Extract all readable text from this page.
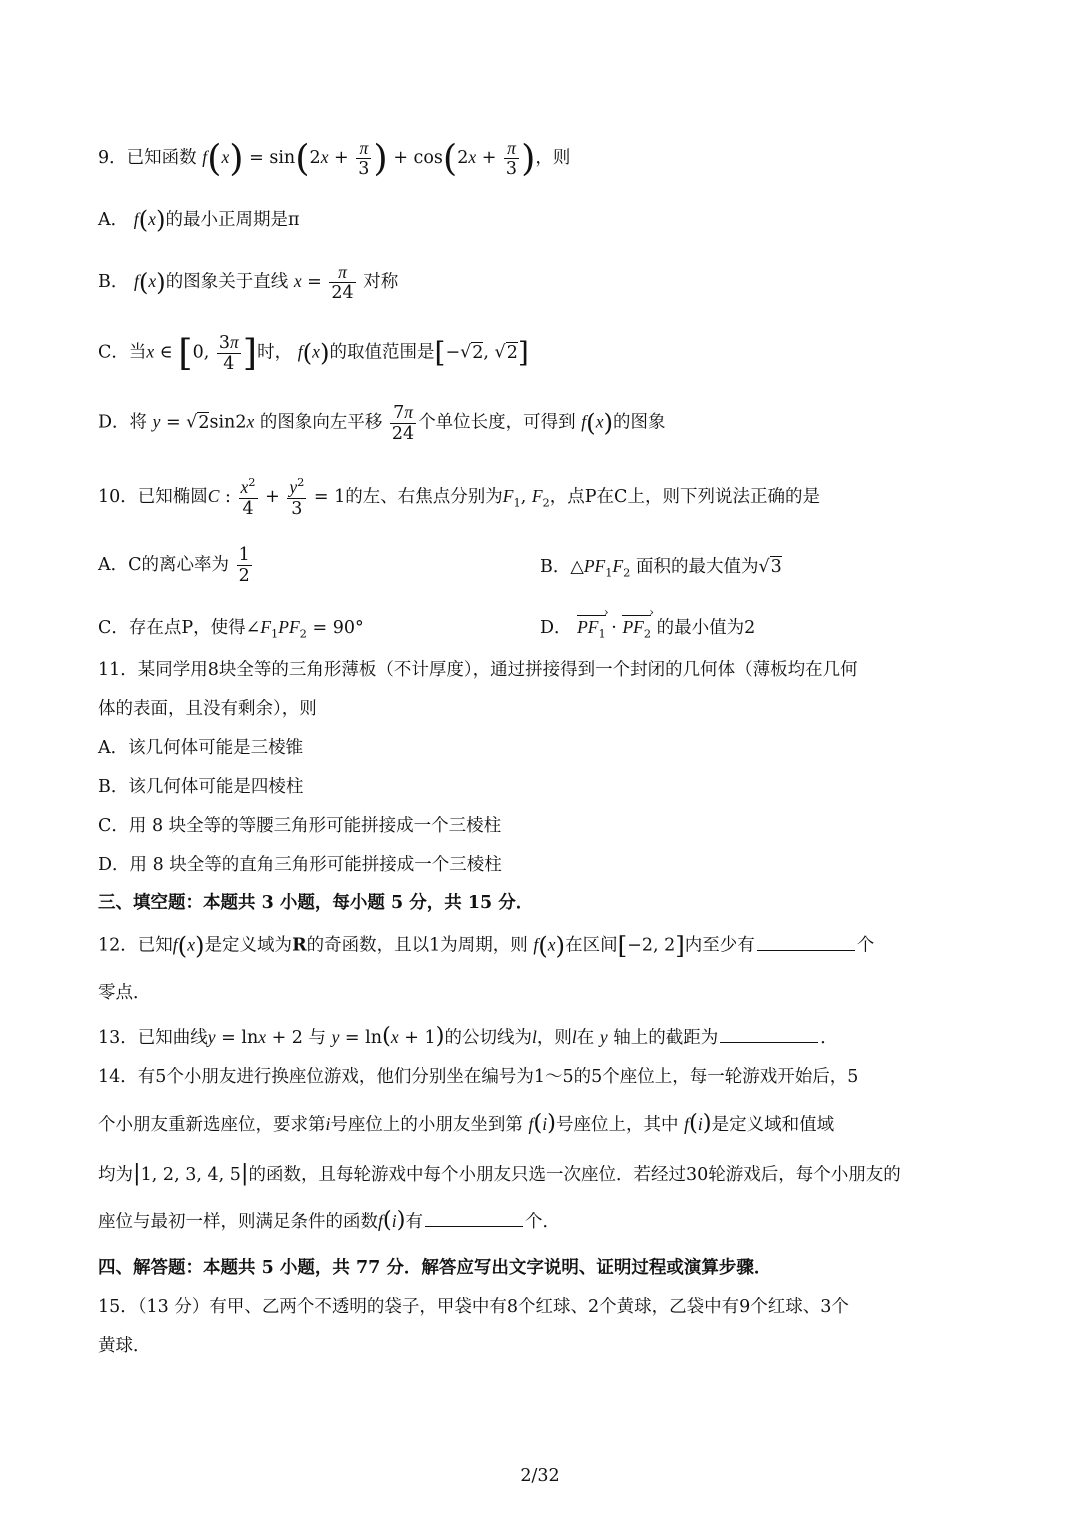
9．已知函数 $f(x) = \sin(2x + \frac{\pi}{3}$ ) + $\cos(2x + \frac{\pi}{3}$ )，则
A． f(x)的最小正周期是π
B． f(x)的图象关于直线 $x = \frac{\pi}{24}$ 对称
C．当x ∈ [0, $\frac{3\pi}{4}$ ]时， f(x)的取值范围是[−√2, √2]
D．将 y = √2sin2x 的图象向左平移 $\frac{7\pi}{24}$ 个单位长度，可得到 f(x)的图象
10．已知椭圆C : $\frac{x^2}{4} + \frac{y^2}{3} = 1$的左、右焦点分别为$F_1$, $F_2$，点P在C上，则下列说法正确的是
A．C的离心率为 $\frac{1}{2}$	B．$\triangle PF_1F_2$ 面积的最大值为√3
C．存在点P，使得$\angle F_1PF_2 = 90^\circ$	D． $PF_1$ › · $PF_2$ › 的最小值为2
11．某同学用8块全等的三角形薄板（不计厚度），通过拼接得到一个封闭的几何体（薄板均在几何
体的表面，且没有剩余），则
A．该几何体可能是三棱锥
B．该几何体可能是四棱柱
C．用 8 块全等的等腰三角形可能拼接成一个三棱柱
D．用 8 块全等的直角三角形可能拼接成一个三棱柱
三、填空题：本题共 3 小题，每小题 5 分，共 15 分．
12．已知f(x)是定义域为R的奇函数，且以1为周期，则 f(x)在区间[−2, 2]内至少有	个
零点．
13．已知曲线y = lnx + 2 与 y = ln(x + 1)的公切线为l，则l在 y 轴上的截距为	．
14．有5个小朋友进行换座位游戏，他们分别坐在编号为1～5的5个座位上，每一轮游戏开始后，5
个小朋友重新选座位，要求第i号座位上的小朋友坐到第 f(i)号座位上，其中 f(i)是定义域和值域
均为|1, 2, 3, 4, 5|的函数，且每轮游戏中每个小朋友只选一次座位．若经过30轮游戏后，每个小朋友的
座位与最初一样，则满足条件的函数f(i)有	个．
四、解答题：本题共 5 小题，共 77 分．解答应写出文字说明、证明过程或演算步骤．
15．（13 分）有甲、乙两个不透明的袋子，甲袋中有8个红球、2个黄球，乙袋中有9个红球、3个
黄球．
2/32
